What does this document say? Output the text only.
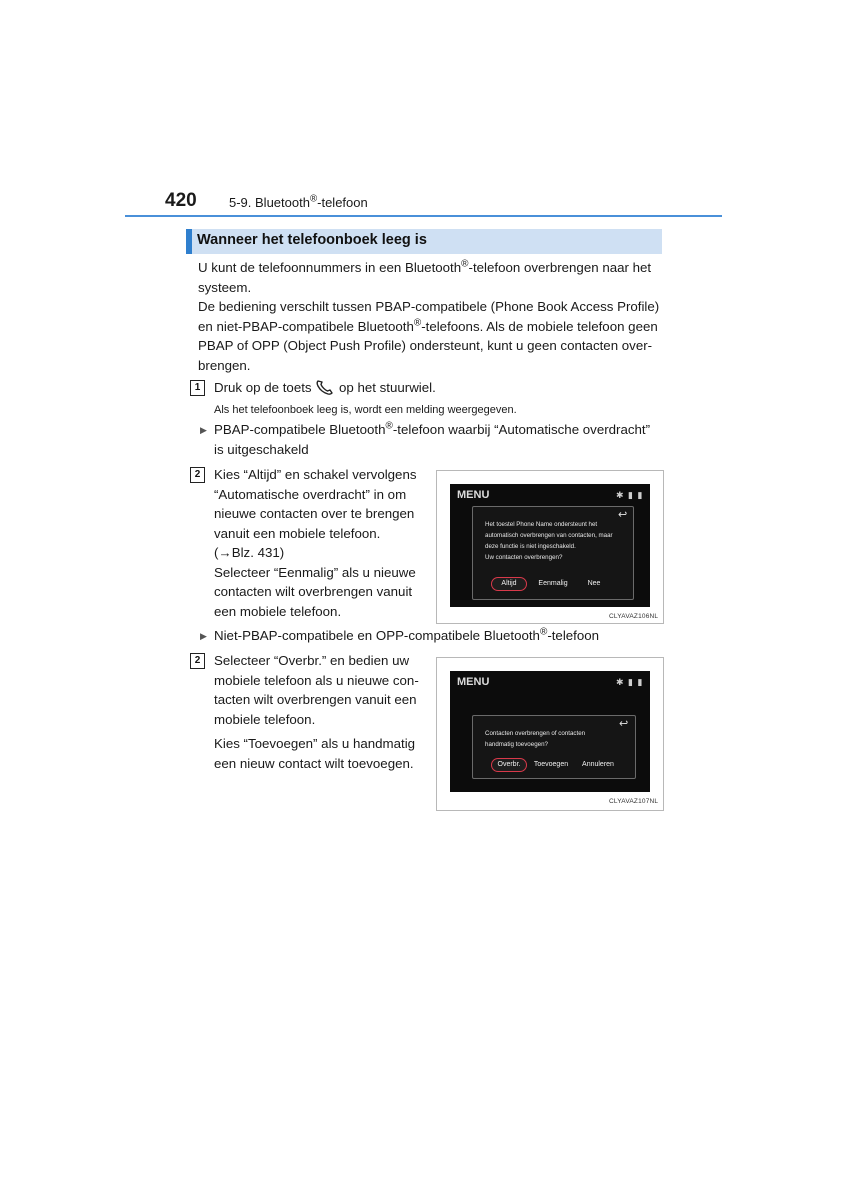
420 5-9. Bluetooth®-telefoon
Wanneer het telefoonboek leeg is
U kunt de telefoonnummers in een Bluetooth®-telefoon overbrengen naar het
systeem.
De bediening verschilt tussen PBAP-compatibele (Phone Book Access Profile)
en niet-PBAP-compatibele Bluetooth®-telefoons. Als de mobiele telefoon geen
PBAP of OPP (Object Push Profile) ondersteunt, kunt u geen contacten over-
brengen.
1	Druk op de toets op het stuurwiel.
Als het telefoonboek leeg is, wordt een melding weergegeven.
▶ PBAP-compatibele Bluetooth®-telefoon waarbij “Automatische overdracht”
is uitgeschakeld
2	Kies “Altijd” en schakel vervolgens
“Automatische overdracht” in om
nieuwe contacten over te brengen
vanuit een mobiele telefoon.
(→Blz. 431)
Selecteer “Eenmalig” als u nieuwe
contacten wilt overbrengen vanuit
een mobiele telefoon.
MENU	✱ ▮ ▮
↩
Het toestel Phone Name ondersteunt het
automatisch overbrengen van contacten, maar
deze functie is niet ingeschakeld.
Uw contacten overbrengen?
Altijd	Eenmalig	Nee
CLYAVAZ106NL
▶ Niet-PBAP-compatibele en OPP-compatibele Bluetooth®-telefoon
2	Selecteer “Overbr.” en bedien uw
mobiele telefoon als u nieuwe con-
tacten wilt overbrengen vanuit een
mobiele telefoon.
Kies “Toevoegen” als u handmatig
een nieuw contact wilt toevoegen.
MENU	✱ ▮ ▮
↩
Contacten overbrengen of contacten
handmatig toevoegen?
Overbr.	Toevoegen	Annuleren
CLYAVAZ107NL
